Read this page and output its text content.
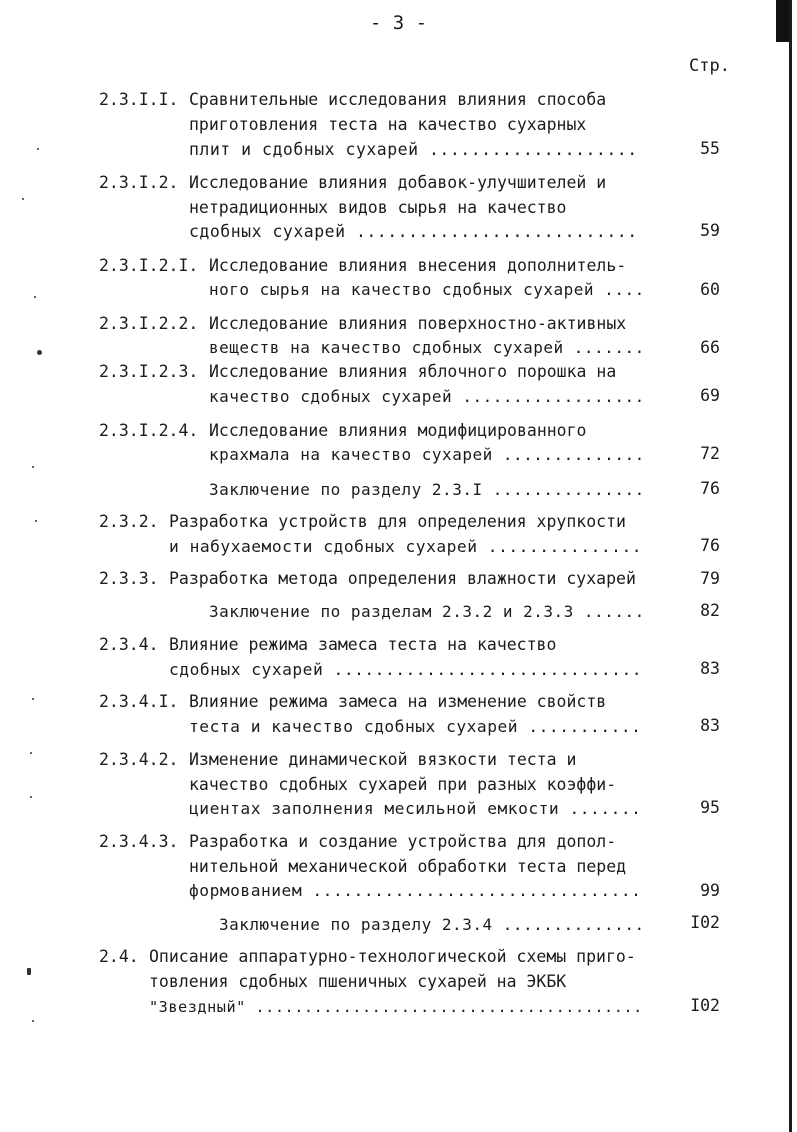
- 3 -
Стр.
2.3.I.I. Сравнительные исследования влияния способа
приготовления теста на качество сухарных
плит и сдобных сухарей ....................	55
2.3.I.2. Исследование влияния добавок-улучшителей и
нетрадиционных видов сырья на качество
сдобных сухарей ...........................	59
2.3.I.2.I. Исследование влияния внесения дополнитель-
ного сырья на качество сдобных сухарей ....	60
2.3.I.2.2. Исследование влияния поверхностно-активных
веществ на качество сдобных сухарей .......	66
2.3.I.2.3. Исследование влияния яблочного порошка на
качество сдобных сухарей ..................	69
2.3.I.2.4. Исследование влияния модифицированного
крахмала на качество сухарей ..............	72
Заключение по разделу 2.3.I ...............	76
2.3.2. Разработка устройств для определения хрупкости
и набухаемости сдобных сухарей ...............	76
2.3.3. Разработка метода определения влажности сухарей	79
Заключение по разделам 2.3.2 и 2.3.3 ......	82
2.3.4. Влияние режима замеса теста на качество
сдобных сухарей ..............................	83
2.3.4.I. Влияние режима замеса на изменение свойств
теста и качество сдобных сухарей ...........	83
2.3.4.2. Изменение динамической вязкости теста и
качество сдобных сухарей при разных коэффи-
циентах заполнения месильной емкости .......	95
2.3.4.3. Разработка и создание устройства для допол-
нительной механической обработки теста перед
формованием ................................	99
Заключение по разделу 2.3.4 ..............	I02
2.4. Описание аппаратурно-технологической схемы приго-
товления сдобных пшеничных сухарей на ЭКБК
"Звездный" ........................................	I02
